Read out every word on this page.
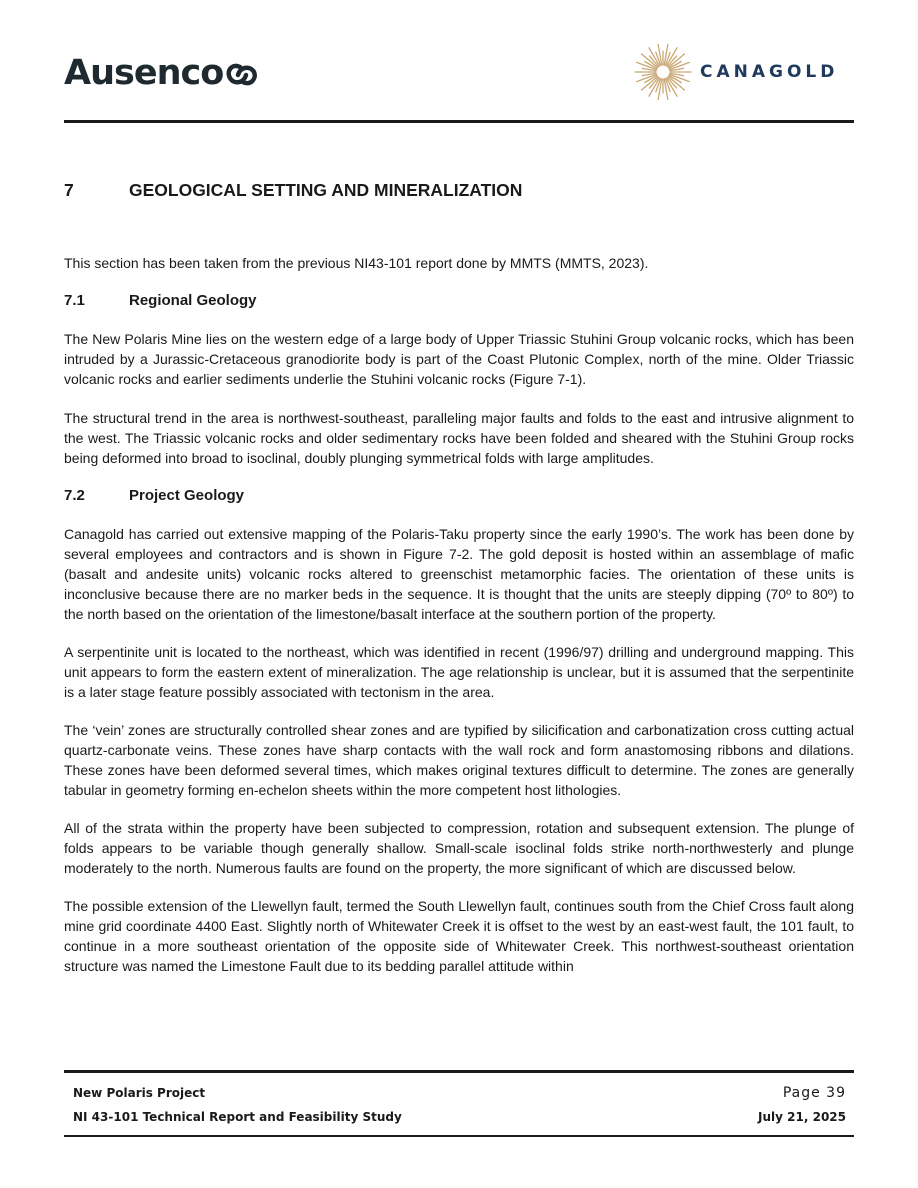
Ausenco	CANAGOLD
7	GEOLOGICAL SETTING AND MINERALIZATION

This section has been taken from the previous NI43-101 report done by MMTS (MMTS, 2023).

7.1	Regional Geology

The New Polaris Mine lies on the western edge of a large body of Upper Triassic Stuhini Group volcanic rocks, which has been intruded by a Jurassic-Cretaceous granodiorite body is part of the Coast Plutonic Complex, north of the mine. Older Triassic volcanic rocks and earlier sediments underlie the Stuhini volcanic rocks (Figure 7-1).

The structural trend in the area is northwest-southeast, paralleling major faults and folds to the east and intrusive alignment to the west. The Triassic volcanic rocks and older sedimentary rocks have been folded and sheared with the Stuhini Group rocks being deformed into broad to isoclinal, doubly plunging symmetrical folds with large amplitudes.

7.2	Project Geology

Canagold has carried out extensive mapping of the Polaris-Taku property since the early 1990’s. The work has been done by several employees and contractors and is shown in Figure 7-2. The gold deposit is hosted within an assemblage of mafic (basalt and andesite units) volcanic rocks altered to greenschist metamorphic facies. The orientation of these units is inconclusive because there are no marker beds in the sequence. It is thought that the units are steeply dipping (70º to 80º) to the north based on the orientation of the limestone/basalt interface at the southern portion of the property.

A serpentinite unit is located to the northeast, which was identified in recent (1996/97) drilling and underground mapping. This unit appears to form the eastern extent of mineralization. The age relationship is unclear, but it is assumed that the serpentinite is a later stage feature possibly associated with tectonism in the area.

The ‘vein’ zones are structurally controlled shear zones and are typified by silicification and carbonatization cross cutting actual quartz-carbonate veins. These zones have sharp contacts with the wall rock and form anastomosing ribbons and dilations. These zones have been deformed several times, which makes original textures difficult to determine. The zones are generally tabular in geometry forming en-echelon sheets within the more competent host lithologies.

All of the strata within the property have been subjected to compression, rotation and subsequent extension. The plunge of folds appears to be variable though generally shallow. Small-scale isoclinal folds strike north-northwesterly and plunge moderately to the north. Numerous faults are found on the property, the more significant of which are discussed below.

The possible extension of the Llewellyn fault, termed the South Llewellyn fault, continues south from the Chief Cross fault along mine grid coordinate 4400 East. Slightly north of Whitewater Creek it is offset to the west by an east-west fault, the 101 fault, to continue in a more southeast orientation of the opposite side of Whitewater Creek. This northwest-southeast orientation structure was named the Limestone Fault due to its bedding parallel attitude within

New Polaris Project
NI 43-101 Technical Report and Feasibility Study
Page 39
July 21, 2025
